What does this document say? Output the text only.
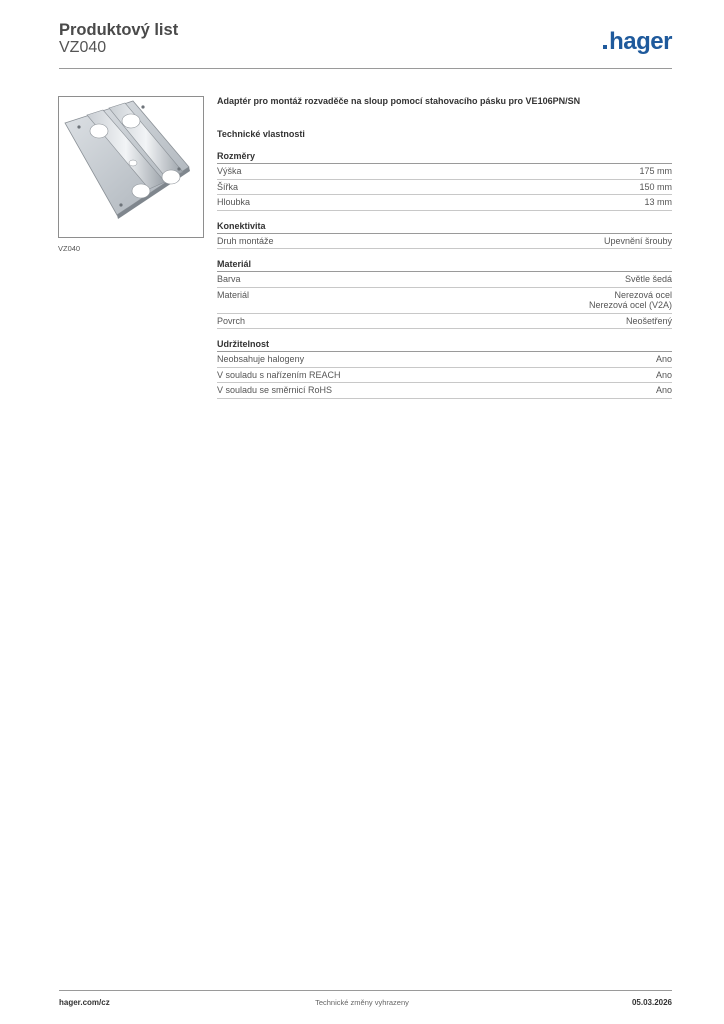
Produktový list
VZ040	hager
VZ040
Adaptér pro montáž rozvaděče na sloup pomocí stahovacího pásku pro VE106PN/SN
Technické vlastnosti
Rozměry
Výška	175 mm
Šířka	150 mm
Hloubka	13 mm
Konektivita
Druh montáže	Upevnění šrouby
Materiál
Barva	Světle šedá
Materiál	Nerezová ocel
Nerezová ocel (V2A)
Povrch	Neošetřený
Udržitelnost
Neobsahuje halogeny	Ano
V souladu s nařízením REACH	Ano
V souladu se směrnicí RoHS	Ano
hager.com/cz	Technické změny vyhrazeny	05.03.2026
